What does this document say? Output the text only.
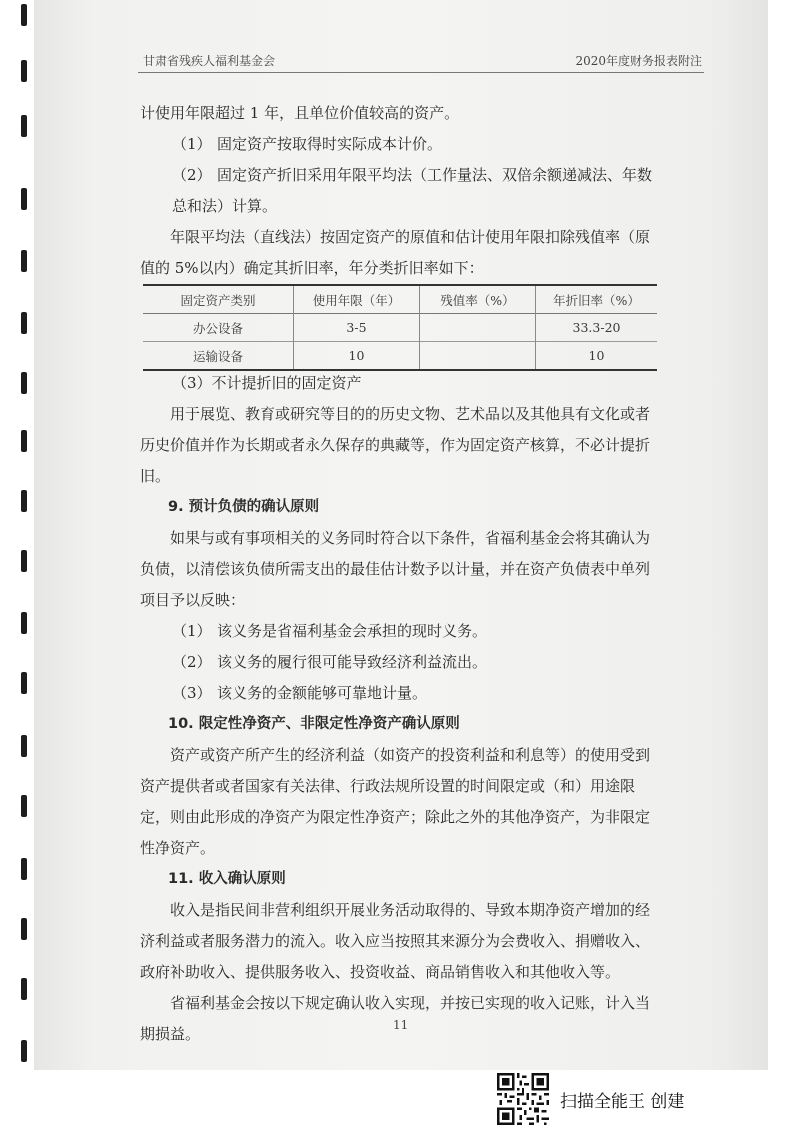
甘肃省残疾人福利基金会	2020年度财务报表附注

计使用年限超过 1 年，且单位价值较高的资产。

（1） 固定资产按取得时实际成本计价。

（2） 固定资产折旧采用年限平均法（工作量法、双倍余额递减法、年数总和法）计算。

年限平均法（直线法）按固定资产的原值和估计使用年限扣除残值率（原值的 5%以内）确定其折旧率，年分类折旧率如下：

固定资产类别	使用年限（年）	残值率（%）	年折旧率（%）
办公设备	3-5		33.3-20
运输设备	10		10

（3）不计提折旧的固定资产

用于展览、教育或研究等目的的历史文物、艺术品以及其他具有文化或者历史价值并作为长期或者永久保存的典藏等，作为固定资产核算，不必计提折旧。

9. 预计负债的确认原则

如果与或有事项相关的义务同时符合以下条件，省福利基金会将其确认为负债，以清偿该负债所需支出的最佳估计数予以计量，并在资产负债表中单列项目予以反映：

（1） 该义务是省福利基金会承担的现时义务。

（2） 该义务的履行很可能导致经济利益流出。

（3） 该义务的金额能够可靠地计量。

10. 限定性净资产、非限定性净资产确认原则

资产或资产所产生的经济利益（如资产的投资利益和利息等）的使用受到资产提供者或者国家有关法律、行政法规所设置的时间限定或（和）用途限定，则由此形成的净资产为限定性净资产；除此之外的其他净资产，为非限定性净资产。

11. 收入确认原则

收入是指民间非营利组织开展业务活动取得的、导致本期净资产增加的经济利益或者服务潜力的流入。收入应当按照其来源分为会费收入、捐赠收入、政府补助收入、提供服务收入、投资收益、商品销售收入和其他收入等。

省福利基金会按以下规定确认收入实现，并按已实现的收入记账，计入当期损益。	11
扫描全能王 创建
